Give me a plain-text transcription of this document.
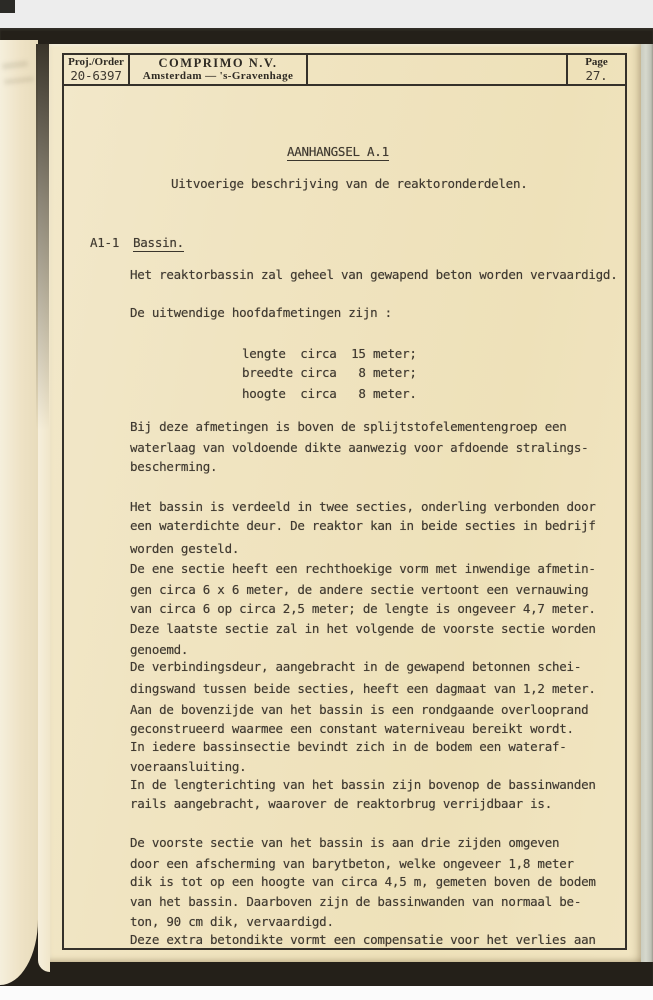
Proj./Order
20-6397
COMPRIMO N.V.
Amsterdam — 's-Gravenhage
Page
27.
AANHANGSEL A.1
Uitvoerige beschrijving van de reaktoronderdelen.
A1-1 Bassin.
Het reaktorbassin zal geheel van gewapend beton worden vervaardigd.
De uitwendige hoofdafmetingen zijn :
lengte  circa  15 meter;
breedte circa   8 meter;
hoogte  circa   8 meter.
Bij deze afmetingen is boven de splijtstofelementengroep een
waterlaag van voldoende dikte aanwezig voor afdoende stralings-
bescherming.
Het bassin is verdeeld in twee secties, onderling verbonden door
een waterdichte deur. De reaktor kan in beide secties in bedrijf
worden gesteld.
De ene sectie heeft een rechthoekige vorm met inwendige afmetin-
gen circa 6 x 6 meter, de andere sectie vertoont een vernauwing
van circa 6 op circa 2,5 meter; de lengte is ongeveer 4,7 meter.
Deze laatste sectie zal in het volgende de voorste sectie worden
genoemd.
De verbindingsdeur, aangebracht in de gewapend betonnen schei-
dingswand tussen beide secties, heeft een dagmaat van 1,2 meter.
Aan de bovenzijde van het bassin is een rondgaande overlooprand
geconstrueerd waarmee een constant waterniveau bereikt wordt.
In iedere bassinsectie bevindt zich in de bodem een wateraf-
voeraansluiting.
In de lengterichting van het bassin zijn bovenop de bassinwanden
rails aangebracht, waarover de reaktorbrug verrijdbaar is.
De voorste sectie van het bassin is aan drie zijden omgeven
door een afscherming van barytbeton, welke ongeveer 1,8 meter
dik is tot op een hoogte van circa 4,5 m, gemeten boven de bodem
van het bassin. Daarboven zijn de bassinwanden van normaal be-
ton, 90 cm dik, vervaardigd.
Deze extra betondikte vormt een compensatie voor het verlies aan
